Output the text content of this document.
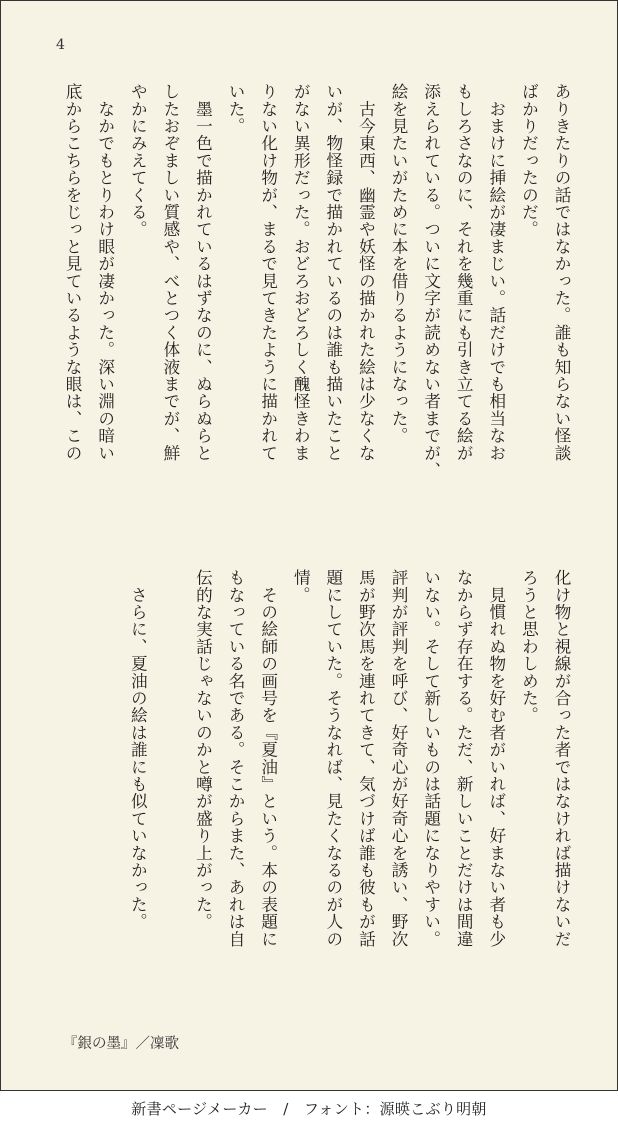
4

ありきたりの話ではなかった。誰も知らない怪談

ばかりだったのだ。

　おまけに挿絵が凄まじい。話だけでも相当なお

もしろさなのに、それを幾重にも引き立てる絵が

添えられている。ついに文字が読めない者までが、

絵を見たいがために本を借りるようになった。

　古今東西、幽霊や妖怪の描かれた絵は少なくな

いが、物怪録で描かれているのは誰も描いたこと

がない異形だった。おどろおどろしく醜怪きわま

りない化け物が、まるで見てきたように描かれて

いた。

　墨一色で描かれているはずなのに、ぬらぬらと

したおぞましい質感や、べとつく体液までが、鮮

やかにみえてくる。

　なかでもとりわけ眼が凄かった。深い淵の暗い

底からこちらをじっと見ているような眼は、この

化け物と視線が合った者ではなければ描けないだ

ろうと思わしめた。

　見慣れぬ物を好む者がいれば、好まない者も少

なからず存在する。ただ、新しいことだけは間違

いない。そして新しいものは話題になりやすい。

評判が評判を呼び、好奇心が好奇心を誘い、野次

馬が野次馬を連れてきて、気づけば誰も彼もが話

題にしていた。そうなれば、見たくなるのが人の

情。

　その絵師の画号を『夏油』という。本の表題に

もなっている名である。そこからまた、あれは自

伝的な実話じゃないのかと噂が盛り上がった。

　さらに、夏油の絵は誰にも似ていなかった。

『銀の墨』／凜歌
新書ページメーカー　/　フォント：源暎こぶり明朝
